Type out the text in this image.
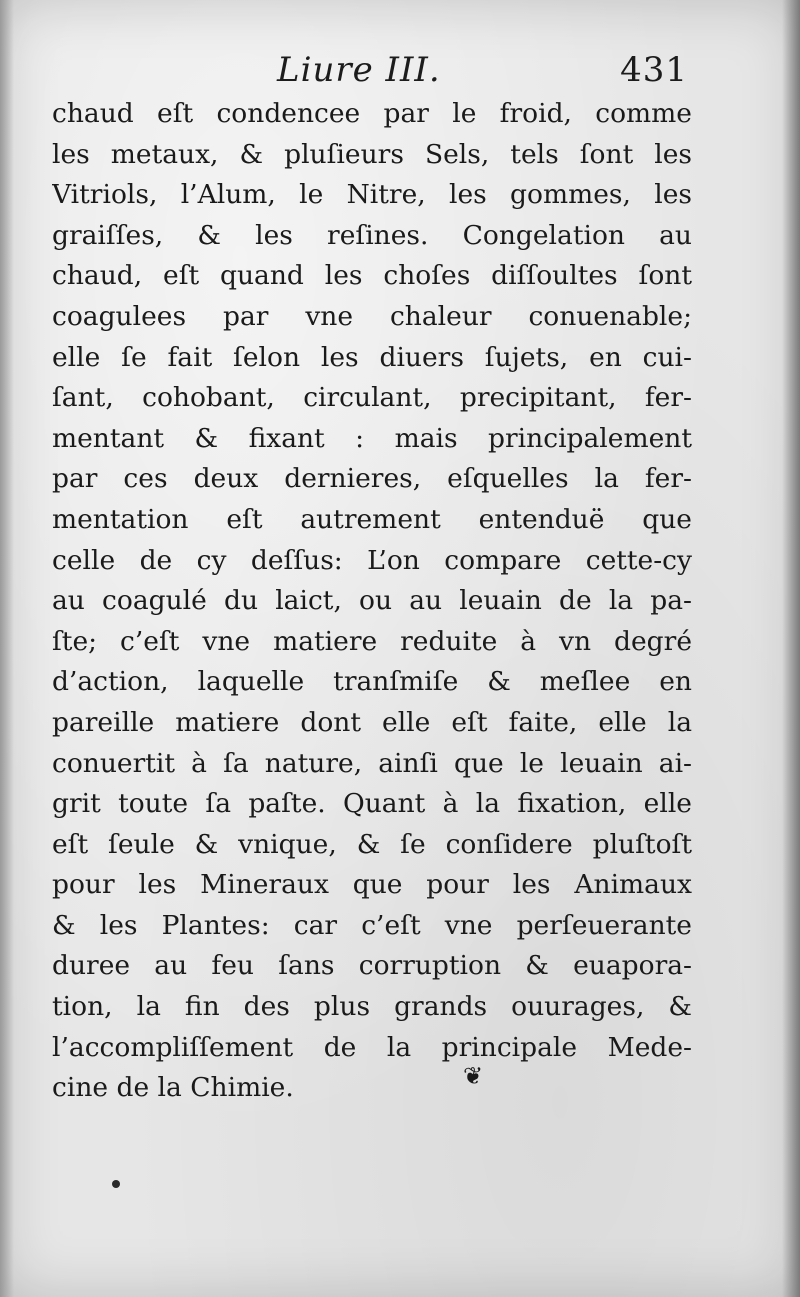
Liure III.	431
chaud eſt condencee par le froid, comme
les metaux, & pluſieurs Sels, tels ſont les
Vitriols, l’Alum, le Nitre, les gommes, les
graiſſes, & les reſines. Congelation au
chaud, eſt quand les choſes diſſoultes ſont
coagulees par vne chaleur conuenable;
elle ſe fait ſelon les diuers ſujets, en cui-
ſant, cohobant, circulant, precipitant, fer-
mentant & fixant : mais principalement
par ces deux dernieres, eſquelles la fer-
mentation eſt autrement entenduë que
celle de cy deſſus: L’on compare cette-cy
au coagulé du laict, ou au leuain de la pa-
ſte; c’eſt vne matiere reduite à vn degré
d’action, laquelle tranſmiſe & meſlee en
pareille matiere dont elle eſt faite, elle la
conuertit à ſa nature, ainſi que le leuain ai-
grit toute ſa paſte. Quant à la fixation, elle
eſt ſeule & vnique, & ſe conſidere pluſtoſt
pour les Mineraux que pour les Animaux
& les Plantes: car c’eſt vne perſeuerante
duree au feu ſans corruption & euapora-
tion, la fin des plus grands ouurages, &
l’accompliſſement de la principale Mede-
cine de la Chimie.	❦
